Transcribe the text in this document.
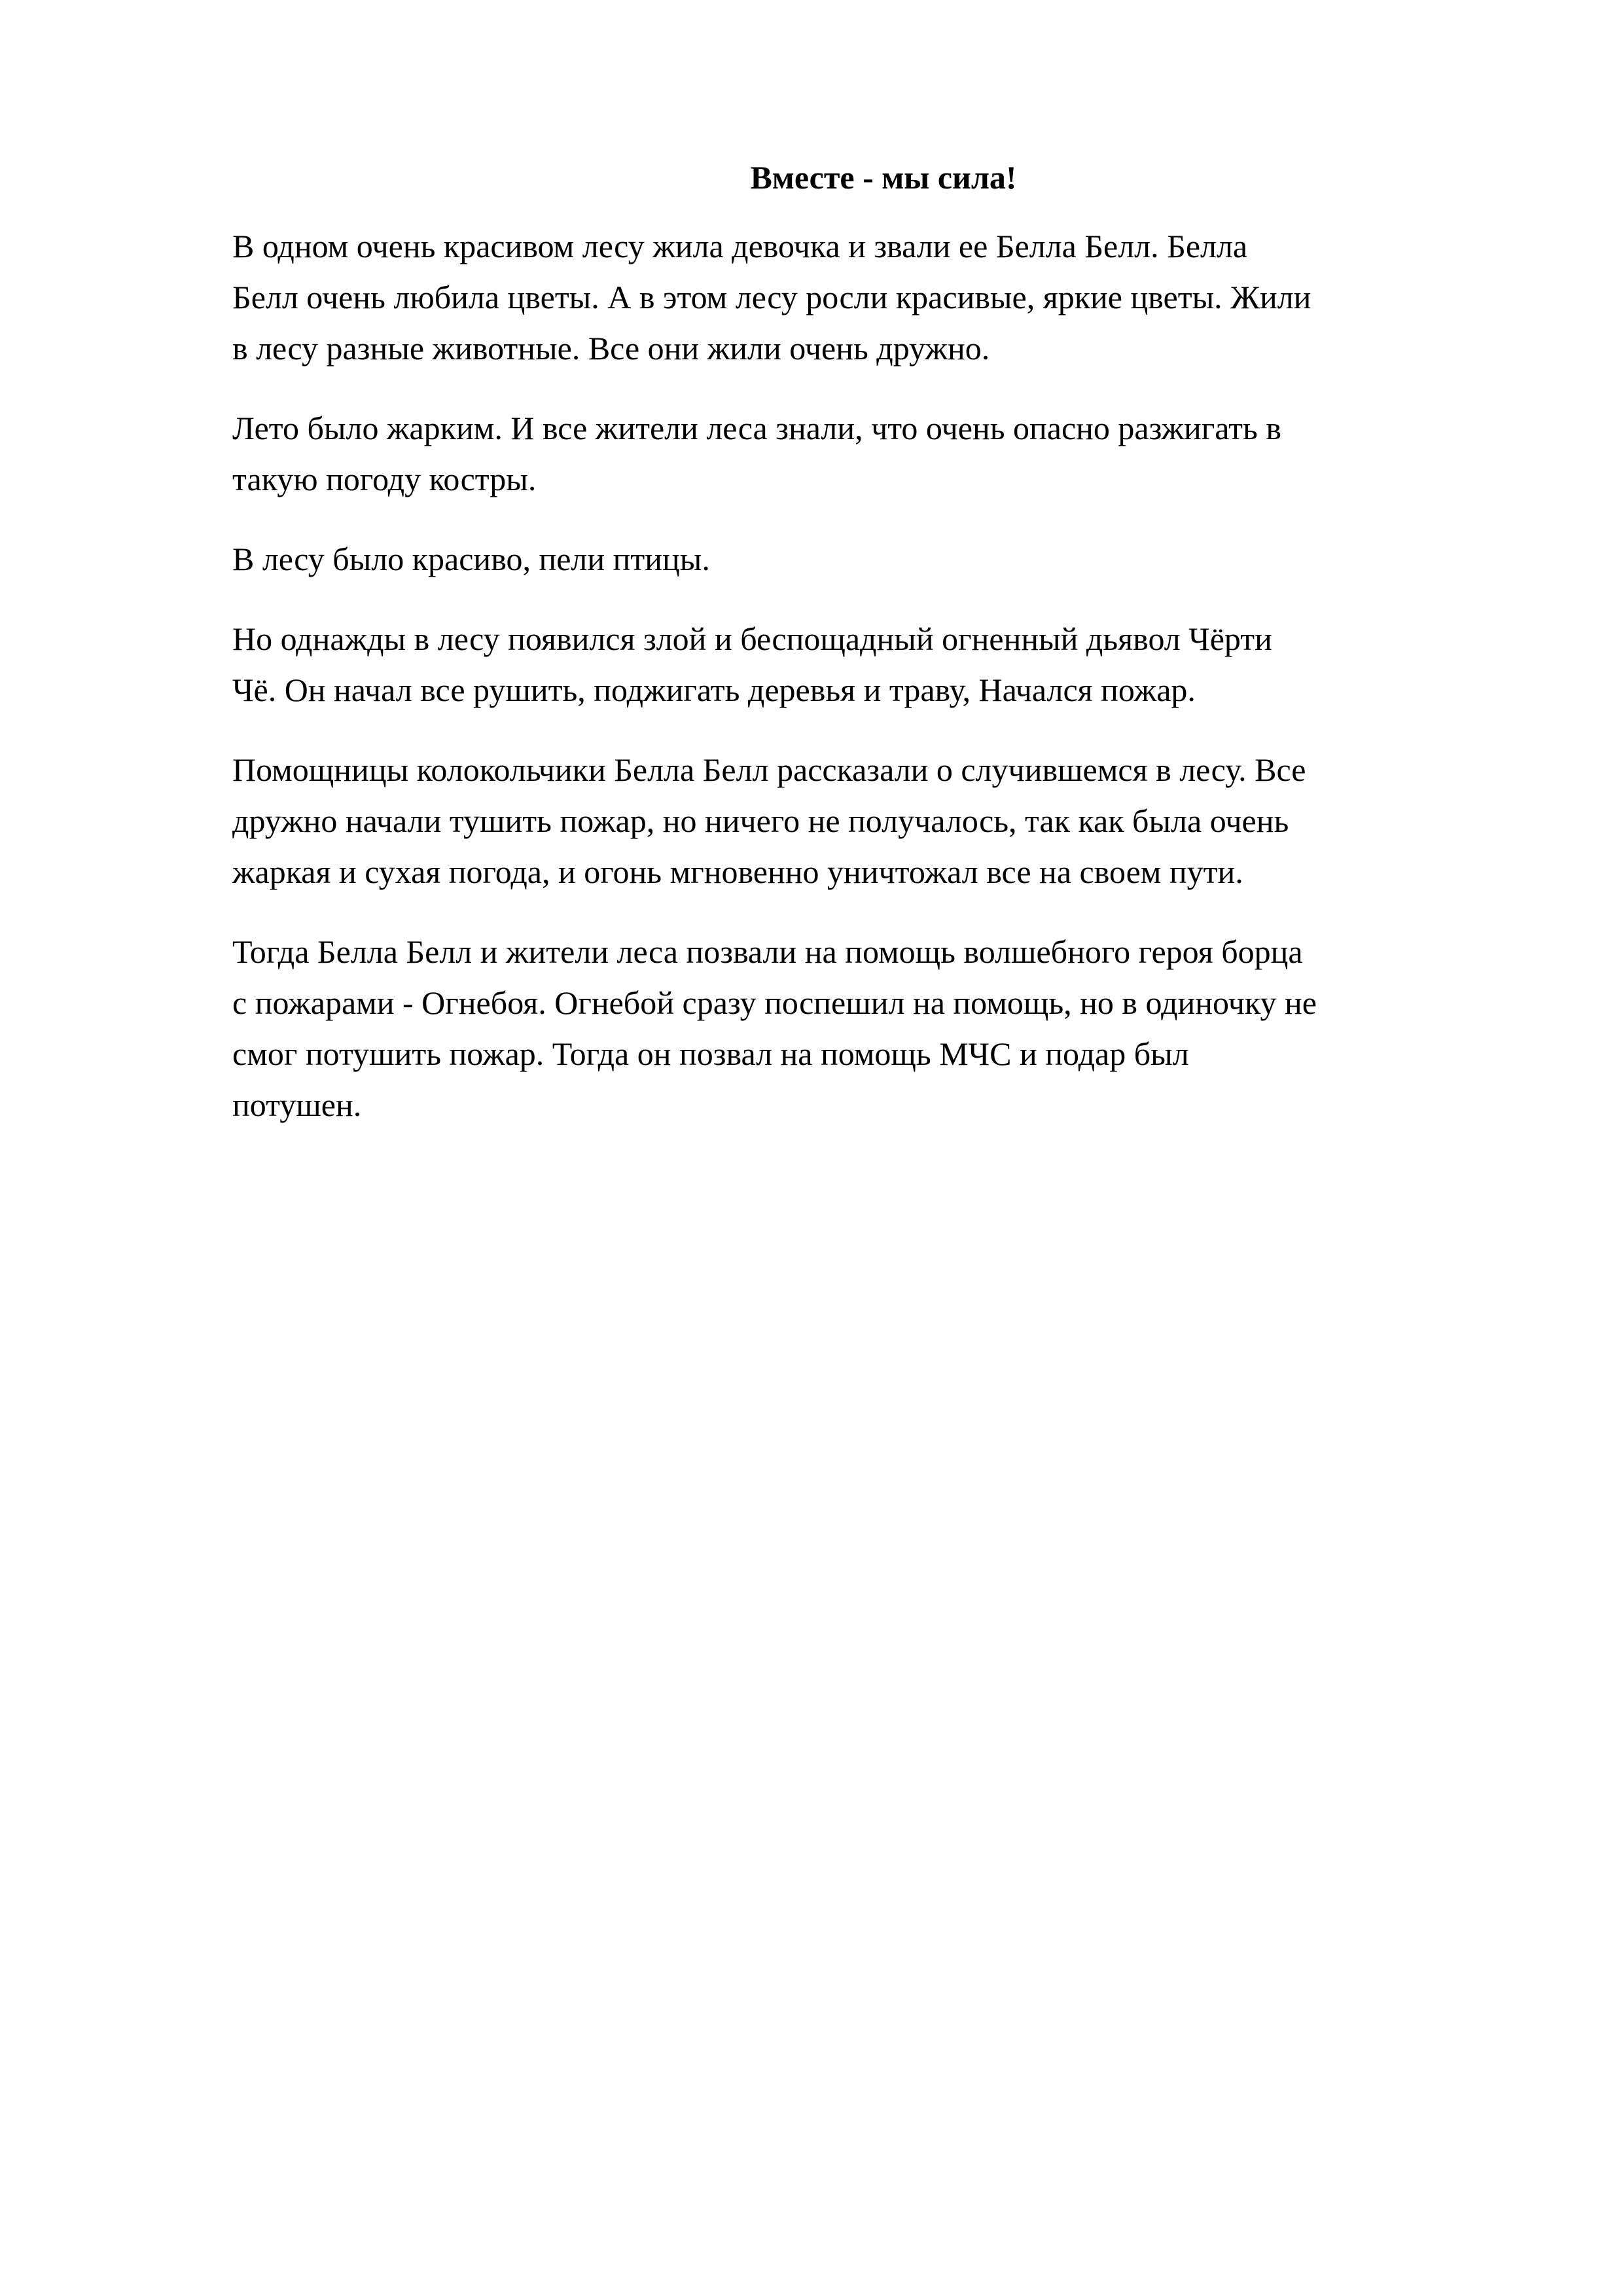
Вместе - мы сила!

В одном очень красивом лесу жила девочка и звали ее Белла Белл. Белла
Белл очень любила цветы. А в этом лесу росли красивые, яркие цветы. Жили
в лесу разные животные. Все они жили очень дружно.

Лето было жарким. И все жители леса знали, что очень опасно разжигать в
такую погоду костры.

В лесу было красиво, пели птицы.

Но однажды в лесу появился злой и беспощадный огненный дьявол Чёрти
Чё. Он начал все рушить, поджигать деревья и траву, Начался пожар.

Помощницы колокольчики Белла Белл рассказали о случившемся в лесу. Все
дружно начали тушить пожар, но ничего не получалось, так как была очень
жаркая и сухая погода, и огонь мгновенно уничтожал все на своем пути.

Тогда Белла Белл и жители леса позвали на помощь волшебного героя борца
с пожарами - Огнебоя. Огнебой сразу поспешил на помощь, но в одиночку не
смог потушить пожар. Тогда он позвал на помощь МЧС и подар был
потушен.
